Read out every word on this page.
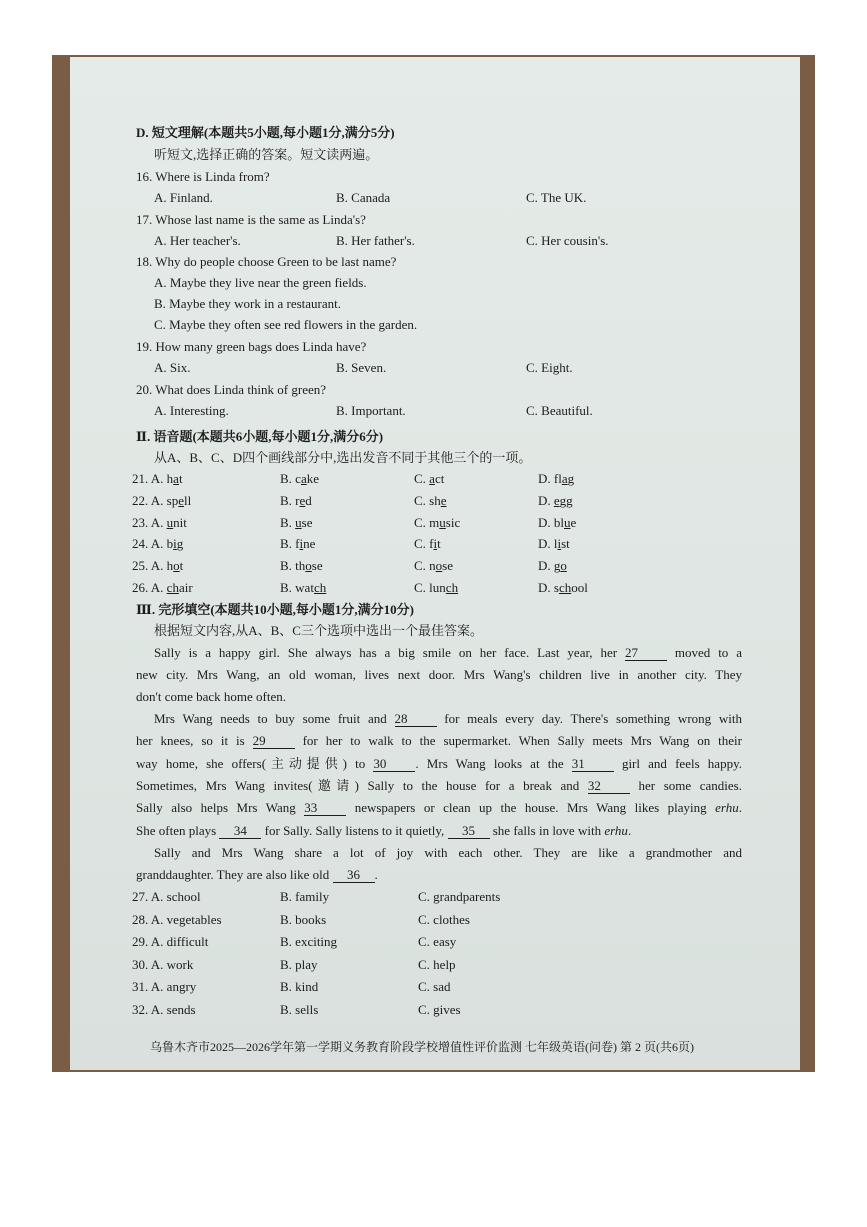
D. 短文理解(本题共5小题,每小题1分,满分5分)
听短文,选择正确的答案。短文读两遍。
16. Where is Linda from?
A. Finland.	B. Canada	C. The UK.
17. Whose last name is the same as Linda's?
A. Her teacher's.	B. Her father's.	C. Her cousin's.
18. Why do people choose Green to be last name?
A. Maybe they live near the green fields.
B. Maybe they work in a restaurant.
C. Maybe they often see red flowers in the garden.
19. How many green bags does Linda have?
A. Six.	B. Seven.	C. Eight.
20. What does Linda think of green?
A. Interesting.	B. Important.	C. Beautiful.
Ⅱ. 语音题(本题共6小题,每小题1分,满分6分)
从A、B、C、D四个画线部分中,选出发音不同于其他三个的一项。
21. A. hat	B. cake	C. act	D. flag
22. A. spell	B. red	C. she	D. egg
23. A. unit	B. use	C. music	D. blue
24. A. big	B. fine	C. fit	D. list
25. A. hot	B. those	C. nose	D. go
26. A. chair	B. watch	C. lunch	D. school
Ⅲ. 完形填空(本题共10小题,每小题1分,满分10分)
根据短文内容,从A、B、C三个选项中选出一个最佳答案。
Sally is a happy girl. She always has a big smile on her face. Last year, her 27 moved to a
new city. Mrs Wang, an old woman, lives next door. Mrs Wang's children live in another city. They
don't come back home often.
Mrs Wang needs to buy some fruit and 28 for meals every day. There's something wrong with
her knees, so it is 29 for her to walk to the supermarket. When Sally meets Mrs Wang on their
way home, she offers(主动提供) to 30 . Mrs Wang looks at the 31 girl and feels happy.
Sometimes, Mrs Wang invites(邀请) Sally to the house for a break and 32 her some candies.
Sally also helps Mrs Wang 33 newspapers or clean up the house. Mrs Wang likes playing erhu.
She often plays 34 for Sally. Sally listens to it quietly, 35 she falls in love with erhu.
Sally and Mrs Wang share a lot of joy with each other. They are like a grandmother and
granddaughter. They are also like old 36 .
27. A. school	B. family	C. grandparents
28. A. vegetables	B. books	C. clothes
29. A. difficult	B. exciting	C. easy
30. A. work	B. play	C. help
31. A. angry	B. kind	C. sad
32. A. sends	B. sells	C. gives
乌鲁木齐市2025—2026学年第一学期义务教育阶段学校增值性评价监测 七年级英语(问卷) 第 2 页(共6页)
